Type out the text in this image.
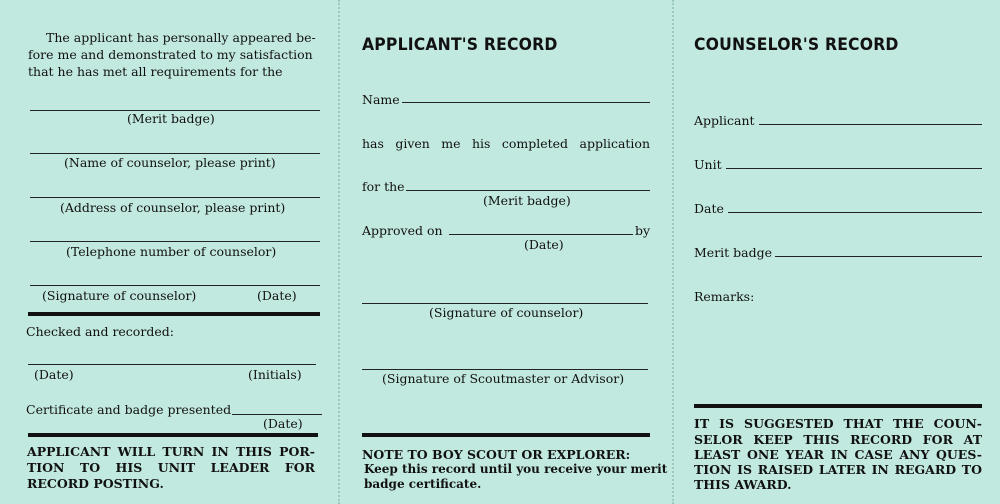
The applicant has personally appeared be-
fore me and demonstrated to my satisfaction
that he has met all requirements for the
(Merit badge)
(Name of counselor, please print)
(Address of counselor, please print)
(Telephone number of counselor)
(Signature of counselor)	(Date)
Checked and recorded:
(Date)	(Initials)
Certificate and badge presented
(Date)
APPLICANT WILL TURN IN THIS POR-
TION TO HIS UNIT LEADER FOR
RECORD POSTING.
APPLICANT'S RECORD
Name
has given me his completed application
for the
(Merit badge)
Approved on	by
(Date)
(Signature of counselor)
(Signature of Scoutmaster or Advisor)
NOTE TO BOY SCOUT OR EXPLORER:
Keep this record until you receive your merit
badge certificate.
COUNSELOR'S RECORD
Applicant
Unit
Date
Merit badge
Remarks:
IT IS SUGGESTED THAT THE COUN-
SELOR KEEP THIS RECORD FOR AT
LEAST ONE YEAR IN CASE ANY QUES-
TION IS RAISED LATER IN REGARD TO
THIS AWARD.
